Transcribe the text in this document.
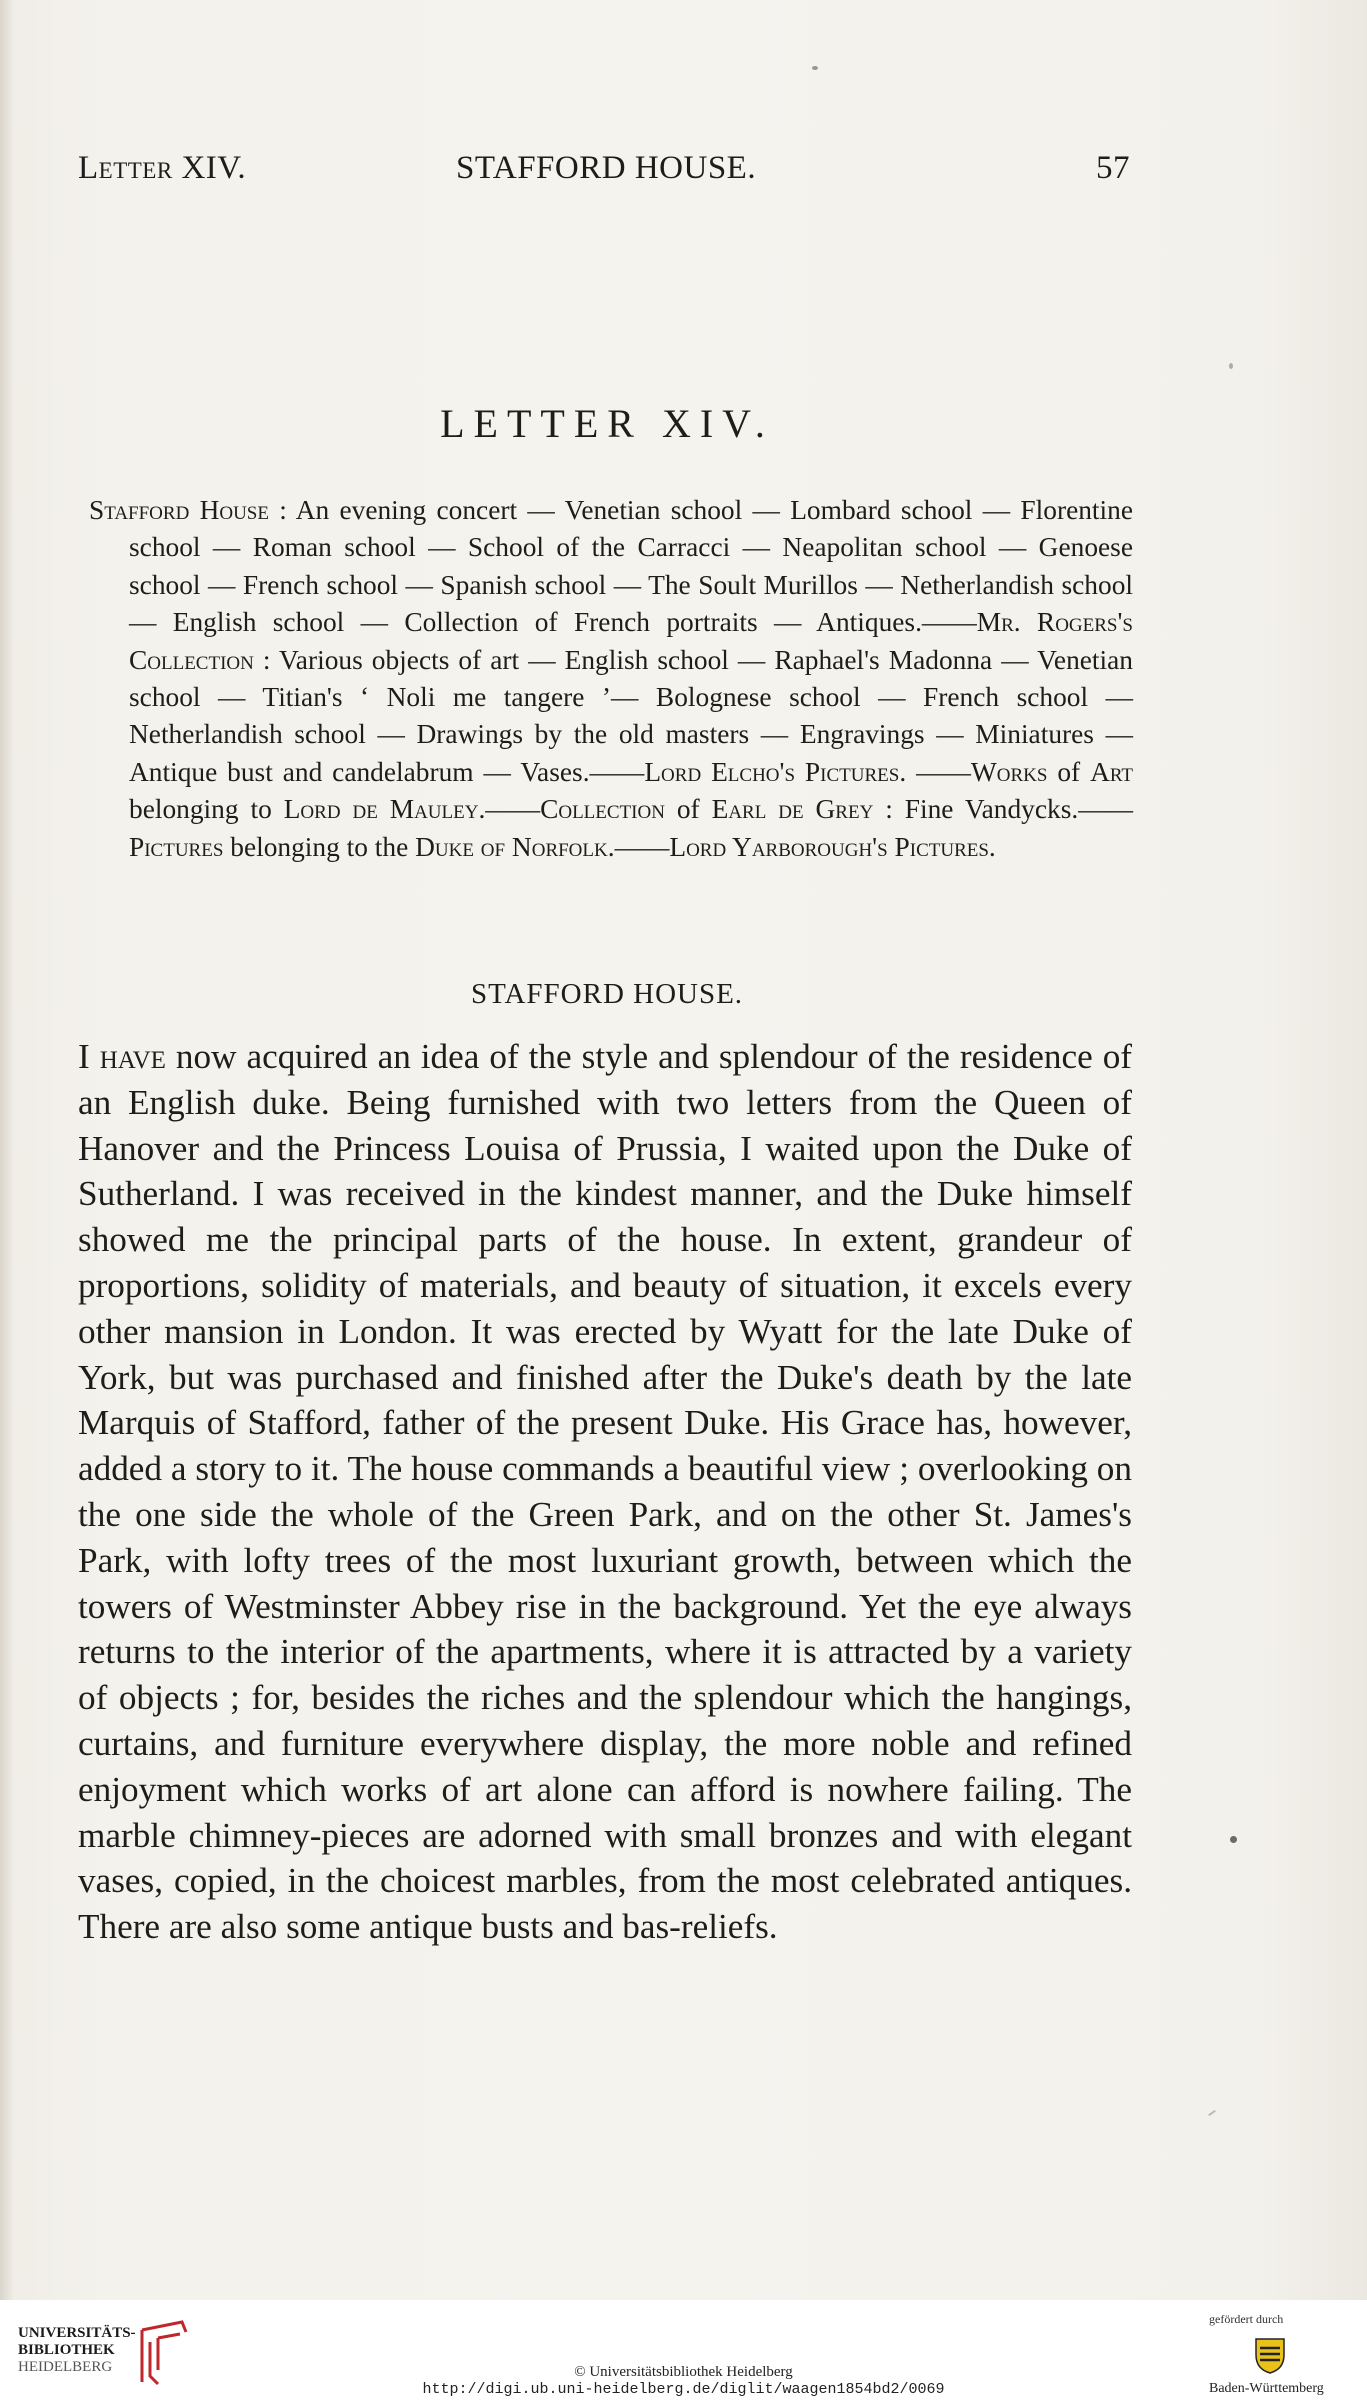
Letter XIV.	STAFFORD HOUSE.	57
LETTER XIV.
Stafford House : An evening concert — Venetian school — Lombard school — Florentine school — Roman school — School of the Carracci — Neapolitan school — Genoese school — French school — Spanish school — The Soult Murillos — Netherlandish school — English school — Collection of French portraits — Antiques.——Mr. Rogers's Collection : Various objects of art — English school — Raphael's Madonna — Venetian school — Titian's ‘ Noli me tangere ’— Bolognese school — French school — Netherlandish school — Drawings by the old masters — Engravings — Miniatures — Antique bust and candelabrum — Vases.——Lord Elcho's Pictures. ——Works of Art belonging to Lord de Mauley.——Collection of Earl de Grey : Fine Vandycks.——Pictures belonging to the Duke of Norfolk.——Lord Yarborough's Pictures.
STAFFORD HOUSE.
I have now acquired an idea of the style and splendour of the residence of an English duke. Being furnished with two letters from the Queen of Hanover and the Princess Louisa of Prussia, I waited upon the Duke of Sutherland. I was received in the kindest manner, and the Duke himself showed me the principal parts of the house. In extent, grandeur of proportions, solidity of materials, and beauty of situation, it excels every other mansion in London. It was erected by Wyatt for the late Duke of York, but was purchased and finished after the Duke's death by the late Marquis of Stafford, father of the present Duke. His Grace has, however, added a story to it. The house commands a beautiful view ; overlooking on the one side the whole of the Green Park, and on the other St. James's Park, with lofty trees of the most luxuriant growth, between which the towers of Westminster Abbey rise in the background. Yet the eye always returns to the interior of the apartments, where it is attracted by a variety of objects ; for, besides the riches and the splendour which the hangings, curtains, and furniture everywhere display, the more noble and refined enjoyment which works of art alone can afford is nowhere failing. The marble chimney-pieces are adorned with small bronzes and with elegant vases, copied, in the choicest marbles, from the most celebrated antiques. There are also some antique busts and bas-reliefs.
UNIVERSITÄTS-
BIBLIOTHEK
HEIDELBERG	© Universitätsbibliothek Heidelberg
http://digi.ub.uni-heidelberg.de/diglit/waagen1854bd2/0069
gefördert durch
Baden-Württemberg
